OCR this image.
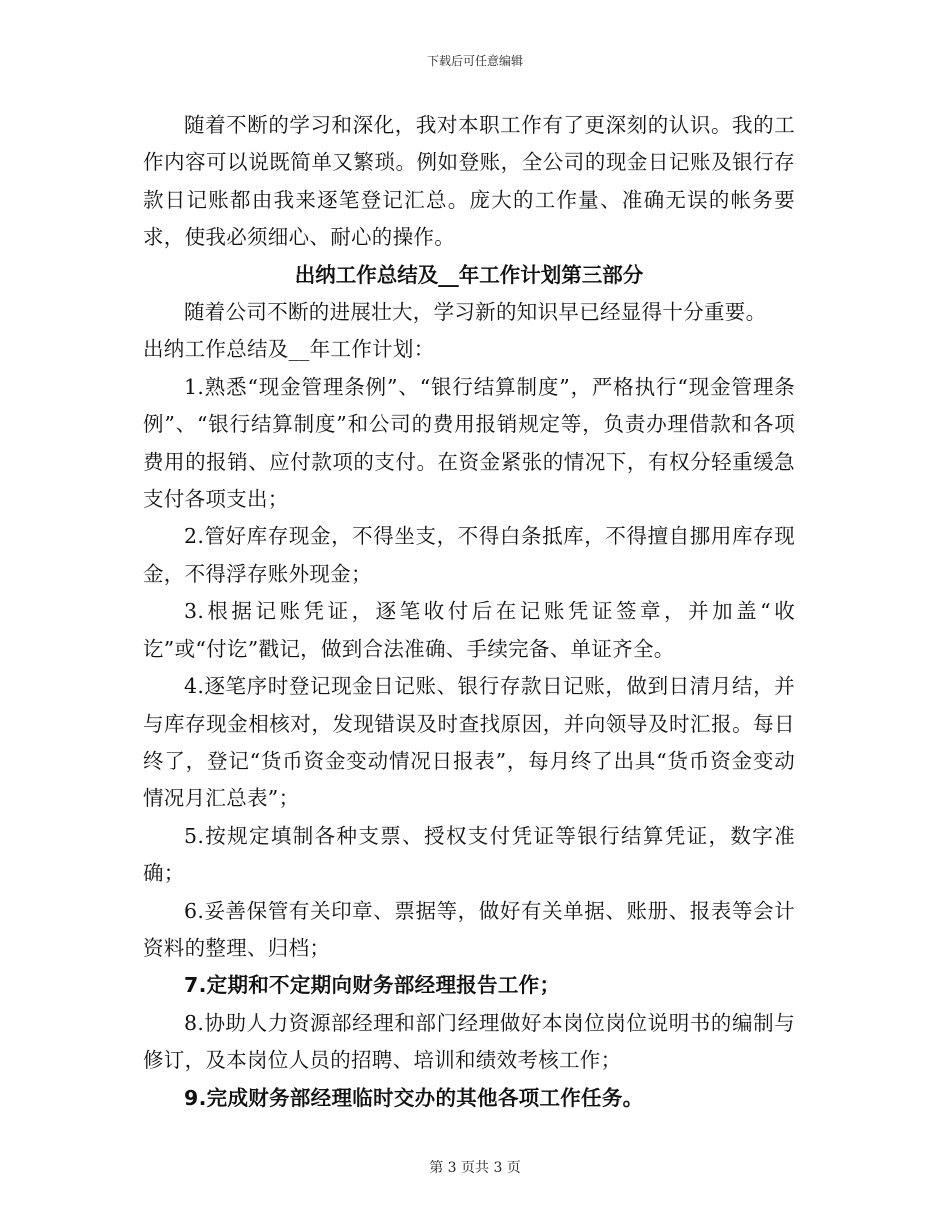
下载后可任意编辑

随着不断的学习和深化，我对本职工作有了更深刻的认识。我的工作内容可以说既简单又繁琐。例如登账，全公司的现金日记账及银行存款日记账都由我来逐笔登记汇总。庞大的工作量、准确无误的帐务要求，使我必须细心、耐心的操作。

出纳工作总结及__年工作计划第三部分

随着公司不断的进展壮大，学习新的知识早已经显得十分重要。

出纳工作总结及__年工作计划：

1.熟悉“现金管理条例”、“银行结算制度”，严格执行“现金管理条例”、“银行结算制度”和公司的费用报销规定等，负责办理借款和各项费用的报销、应付款项的支付。在资金紧张的情况下，有权分轻重缓急支付各项支出；

2.管好库存现金，不得坐支，不得白条抵库，不得擅自挪用库存现金，不得浮存账外现金；

3.根据记账凭证，逐笔收付后在记账凭证签章，并加盖“收讫”或“付讫”戳记，做到合法准确、手续完备、单证齐全。

4.逐笔序时登记现金日记账、银行存款日记账，做到日清月结，并与库存现金相核对，发现错误及时查找原因，并向领导及时汇报。每日终了，登记“货币资金变动情况日报表”，每月终了出具“货币资金变动情况月汇总表”；

5.按规定填制各种支票、授权支付凭证等银行结算凭证，数字准确；

6.妥善保管有关印章、票据等，做好有关单据、账册、报表等会计资料的整理、归档；

7.定期和不定期向财务部经理报告工作；

8.协助人力资源部经理和部门经理做好本岗位岗位说明书的编制与修订，及本岗位人员的招聘、培训和绩效考核工作；

9.完成财务部经理临时交办的其他各项工作任务。

第 3 页共 3 页
